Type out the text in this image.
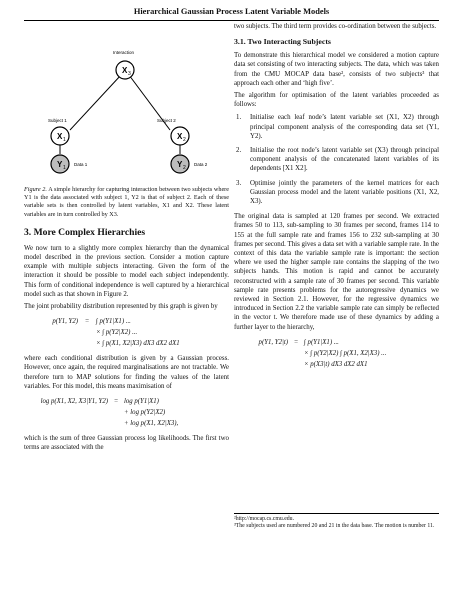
Hierarchical Gaussian Process Latent Variable Models
X 3
X 1	X 2
Y 1	Y 2
Interaction
Subject 1	Subject 2
Data 1	Data 2

Figure 2. A simple hierarchy for capturing interaction between two subjects where Y1 is the data associated with subject 1, Y2 is that of subject 2. Each of these variable sets is then controlled by latent variables, X1 and X2. These latent variables are in turn controlled by X3.

3. More Complex Hierarchies

We now turn to a slightly more complex hierarchy than the dynamical model described in the previous section. Consider a motion capture example with multiple subjects interacting. Given the form of the interaction it should be possible to model each subject independently. This form of conditional independence is well captured by a hierarchical model such as that shown in Figure 2.

The joint probability distribution represented by this graph is given by

p(Y1, Y2) = ∫ p(Y1|X1) ...
× ∫ p(Y2|X2) ...
× ∫ p(X1, X2|X3) dX3 dX2 dX1

where each conditional distribution is given by a Gaussian process. However, once again, the required marginalisations are not tractable. We therefore turn to MAP solutions for finding the values of the latent variables. For this model, this means maximisation of

log p(X1, X2, X3|Y1, Y2) = log p(Y1|X1)
+ log p(Y2|X2)
+ log p(X1, X2|X3),

which is the sum of three Gaussian process log likelihoods. The first two terms are associated with the

two subjects. The third term provides co-ordination between the subjects.

3.1. Two Interacting Subjects

To demonstrate this hierarchical model we considered a motion capture data set consisting of two interacting subjects. The data, which was taken from the CMU MOCAP data base², consists of two subjects³ that approach each other and ‘high five’.

The algorithm for optimisation of the latent variables proceeded as follows:

1. Initialise each leaf node’s latent variable set (X1, X2) through principal component analysis of the corresponding data set (Y1, Y2).
2. Initialise the root node’s latent variable set (X3) through principal component analysis of the concatenated latent variables of its dependents [X1 X2].
3. Optimise jointly the parameters of the kernel matrices for each Gaussian process model and the latent variable positions (X1, X2, X3).

The original data is sampled at 120 frames per second. We extracted frames 50 to 113, sub-sampling to 30 frames per second, frames 114 to 155 at the full sample rate and frames 156 to 232 sub-sampling at 30 frames per second. This gives a data set with a variable sample rate. In the context of this data the variable sample rate is important: the section where we used the higher sample rate contains the slapping of the two subjects hands. This motion is rapid and cannot be accurately reconstructed with a sample rate of 30 frames per second. This variable sample rate presents problems for the autoregressive dynamics we reviewed in Section 2.1. However, for the regressive dynamics we introduced in Section 2.2 the variable sample rate can simply be reflected in the vector t. We therefore made use of these dynamics by adding a further layer to the hierarchy,

p(Y1, Y2|t) = ∫ p(Y1|X1) ...
× ∫ p(Y2|X2) ∫ p(X1, X2|X3) ...
× p(X3|t) dX3 dX2 dX1
²http://mocap.cs.cmu.edu.
³The subjects used are numbered 20 and 21 in the data base. The motion is number 11.
